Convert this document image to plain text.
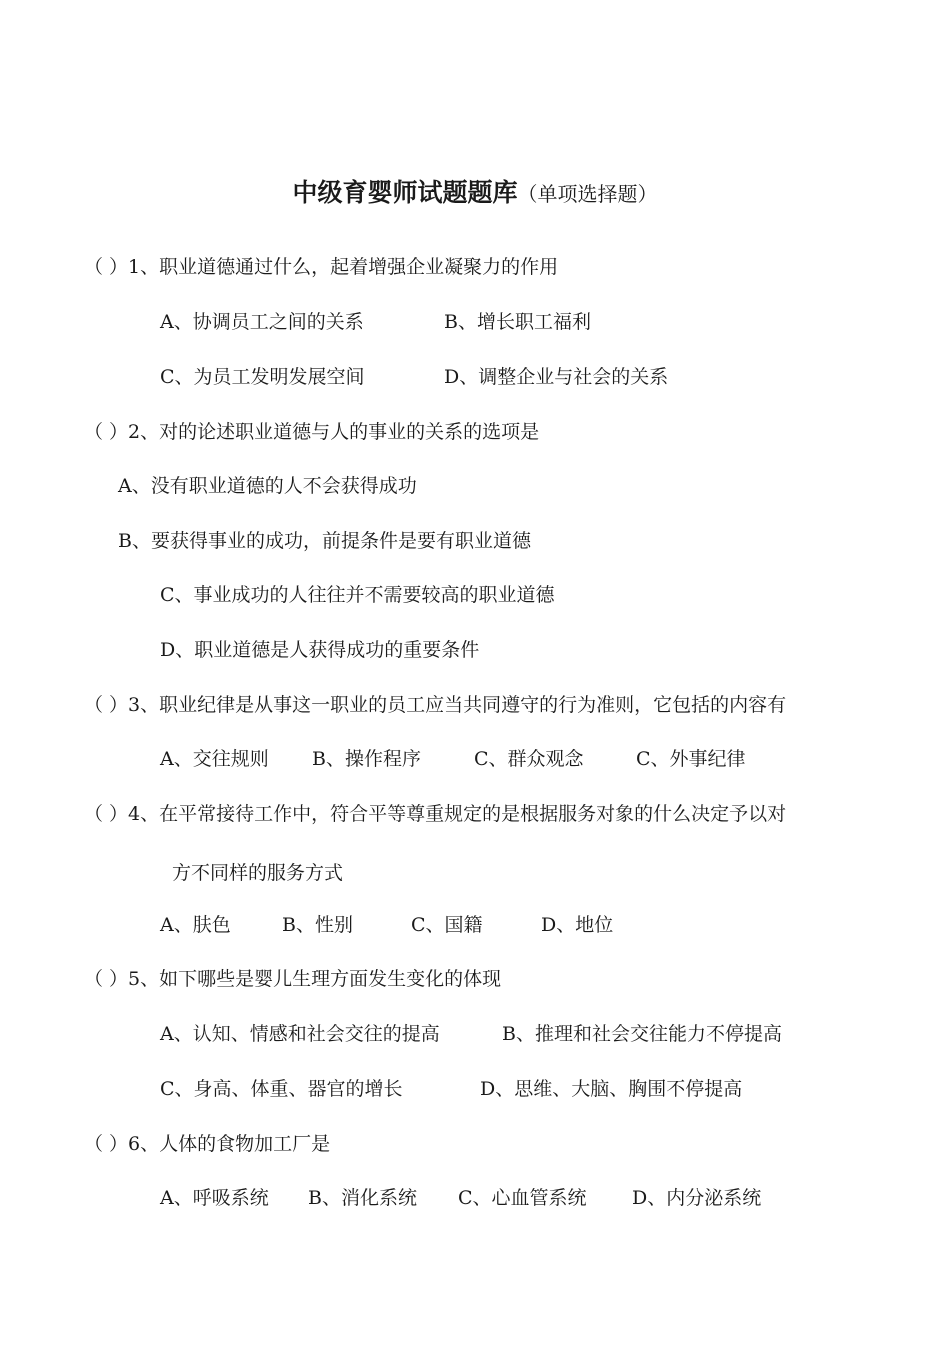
中级育婴师试题题库（单项选择题）
（ ）1、职业道德通过什么，起着增强企业凝聚力的作用
A、协调员工之间的关系	B、增长职工福利
C、为员工发明发展空间	D、调整企业与社会的关系
（ ）2、对的论述职业道德与人的事业的关系的选项是
A、没有职业道德的人不会获得成功
B、要获得事业的成功，前提条件是要有职业道德
C、事业成功的人往往并不需要较高的职业道德
D、职业道德是人获得成功的重要条件
（ ）3、职业纪律是从事这一职业的员工应当共同遵守的行为准则，它包括的内容有
A、交往规则 B、操作程序	C、群众观念	C、外事纪律
（ ）4、在平常接待工作中，符合平等尊重规定的是根据服务对象的什么决定予以对
方不同样的服务方式
A、肤色	B、性别	C、国籍	D、地位
（ ）5、如下哪些是婴儿生理方面发生变化的体现
A、认知、情感和社会交往的提高	B、推理和社会交往能力不停提高
C、身高、体重、器官的增长	D、思维、大脑、胸围不停提高
（ ）6、人体的食物加工厂是
A、呼吸系统 B、消化系统 C、心血管系统 D、内分泌系统
